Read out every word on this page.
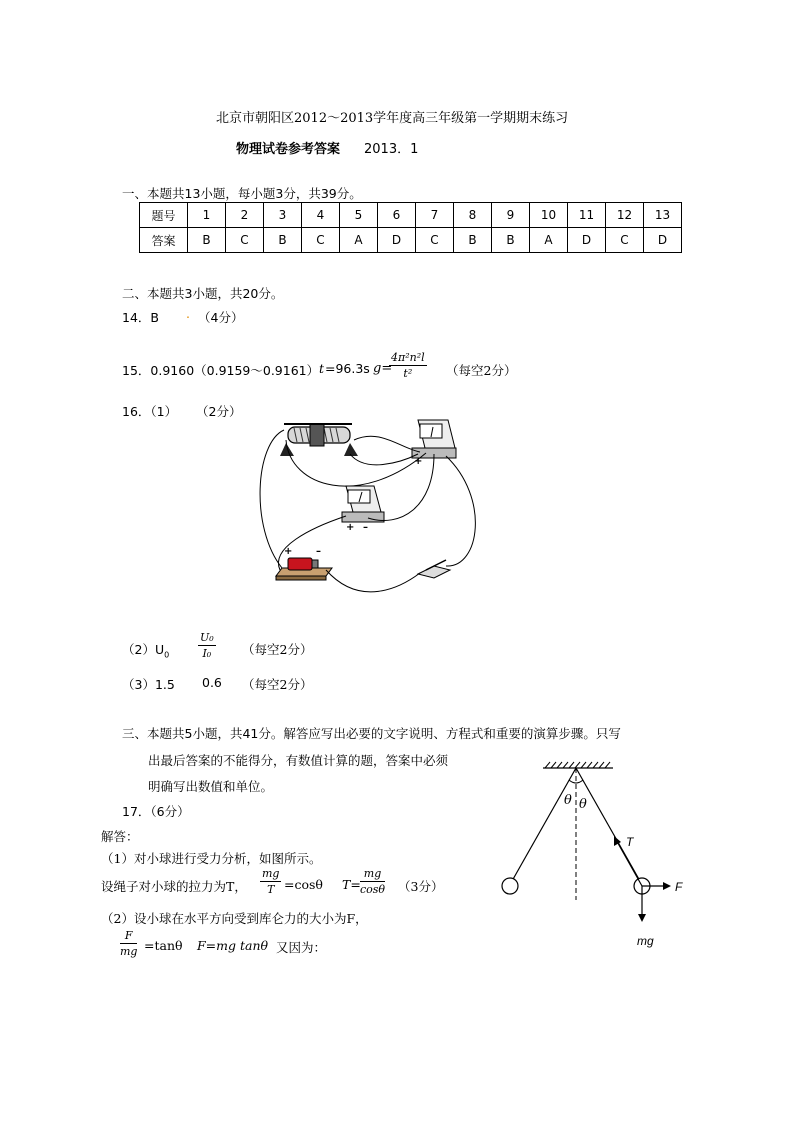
北京市朝阳区2012～2013学年度高三年级第一学期期末练习
物理试卷参考答案 2013．1
一、本题共13小题，每小题3分，共39分。
题号	1	2	3	4	5	6	7	8	9	10	11	12	13
答案	B	C	B	C	A	D	C	B	B	A	D	C	D
二、本题共3小题，共20分。
14．B . （4分）
15．0.9160（0.9159～0.9161） t =96.3s g=
$\frac{\text{4π²n²l}}{\text{t²}}$ （每空2分）
16．（1） （2分）
+
+ –
+ –
$(2)U_0$	$\frac{\text{U₀}}{\text{I₀}}$ （每空2分）
（3）1.5 0.6 （每空2分）
三、本题共5小题，共41分。解答应写出必要的文字说明、方程式和重要的演算步骤。只写
出最后答案的不能得分，有数值计算的题，答案中必须
明确写出数值和单位。
17．（6分）
解答：
（1）对小球进行受力分析，如图所示。
设绳子对小球的拉力为T， $\frac{mg}{T} =\cos\theta$ $T= \frac{mg}{\cos\theta} (3$分）
（2）设小球在水平方向受到库仑力的大小为F，
$\frac{F}{mg} =\tan\theta$ F=mg tanθ 又因为：
θ θ
T
F
mg
